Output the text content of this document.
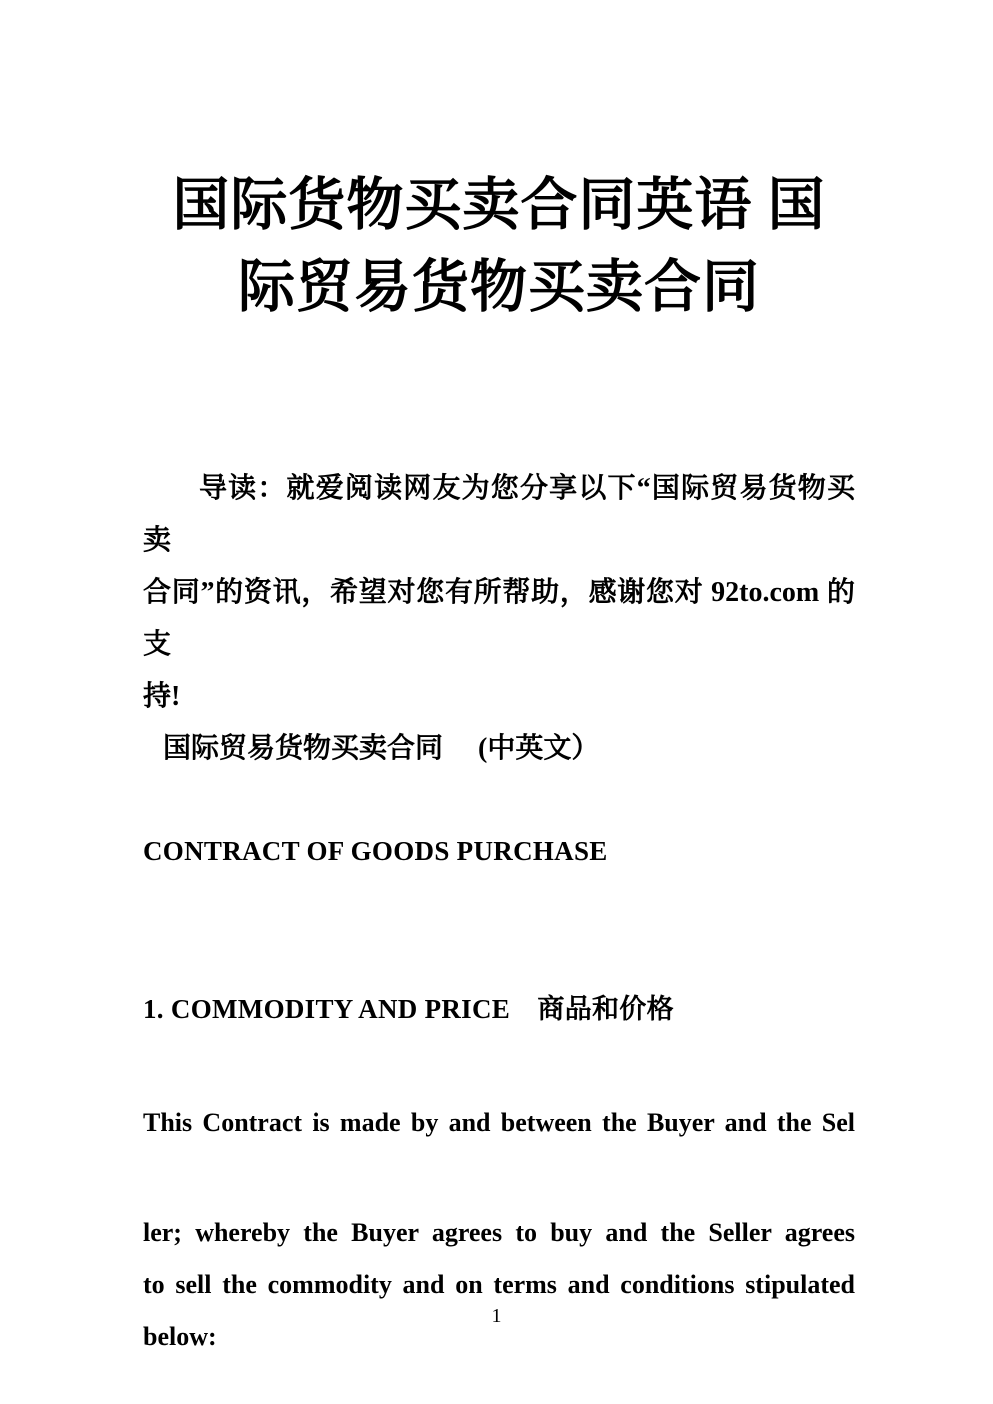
国际货物买卖合同英语 国
际贸易货物买卖合同

导读：就爱阅读网友为您分享以下“国际贸易货物买卖
合同”的资讯，希望对您有所帮助，感谢您对 92to.com 的支
持!

国际贸易货物买卖合同　 (中英文）

CONTRACT OF GOODS PURCHASE

1. COMMODITY AND PRICE　商品和价格

This Contract is made by and between the Buyer and the Sel

ler; whereby the Buyer agrees to buy and the Seller agrees
to sell the commodity and on terms and conditions stipulated
below:

1
